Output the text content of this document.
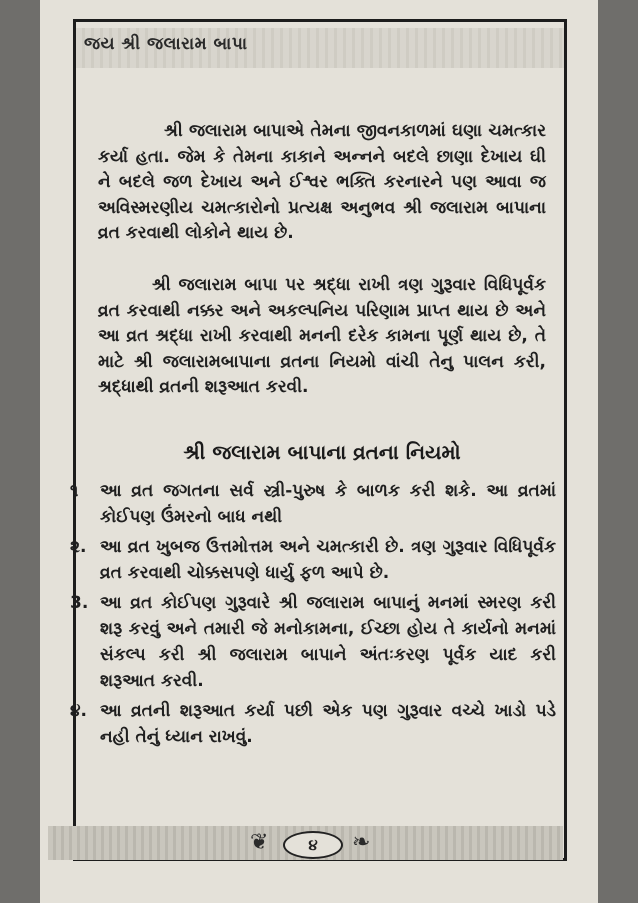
જય શ્રી જલારામ બાપા
શ્રી જલારામ બાપાએ તેમના જીવનકાળમાં ઘણા ચમત્કાર કર્યા હતા. જેમ કે તેમના કાકાને અન્નને બદલે છાણા દેખાય ઘી ને બદલે જળ દેખાય અને ઈશ્વર ભક્તિ કરનારને પણ આવા જ અવિસ્મરણીય ચમત્કારોનો પ્રત્યક્ષ અનુભવ શ્રી જલારામ બાપાના વ્રત કરવાથી લોકોને થાય છે.
શ્રી જલારામ બાપા પર શ્રદ્ધા રાખી ત્રણ ગુરૂવાર વિધિપૂર્વક વ્રત કરવાથી નક્કર અને અકલ્પનિય પરિણામ પ્રાપ્ત થાય છે અને આ વ્રત શ્રદ્ધા રાખી કરવાથી મનની દરેક કામના પૂર્ણ થાય છે, તે માટે શ્રી જલારામબાપાના વ્રતના નિયમો વાંચી તેનુ પાલન કરી, શ્રદ્ધાથી વ્રતની શરૂઆત કરવી.
શ્રી જલારામ બાપાના વ્રતના નિયમો
૧	આ વ્રત જગતના સર્વ સ્ત્રી-પુરુષ કે બાળક કરી શકે. આ વ્રતમાં કોઈપણ ઉંમરનો બાધ નથી
૨. આ વ્રત ખુબજ ઉત્તમોત્તમ અને ચમત્કારી છે. ત્રણ ગુરૂવાર વિધિપૂર્વક વ્રત કરવાથી ચોક્કસપણે ધાર્યુ ફળ આપે છે.
3. આ વ્રત કોઈપણ ગુરૂવારે શ્રી જલારામ બાપાનું મનમાં સ્મરણ કરી શરૂ કરવું અને તમારી જે મનોકામના, ઈચ્છા હોય તે કાર્યનો મનમાં સંકલ્પ કરી શ્રી જલારામ બાપાને અંતઃકરણ પૂર્વક યાદ કરી શરૂઆત કરવી.
૪. આ વ્રતની શરૂઆત કર્યા પછી એક પણ ગુરૂવાર વચ્ચે ખાડો પડે નહી તેનું ધ્યાન રાખવું.
❦	❧
૪
